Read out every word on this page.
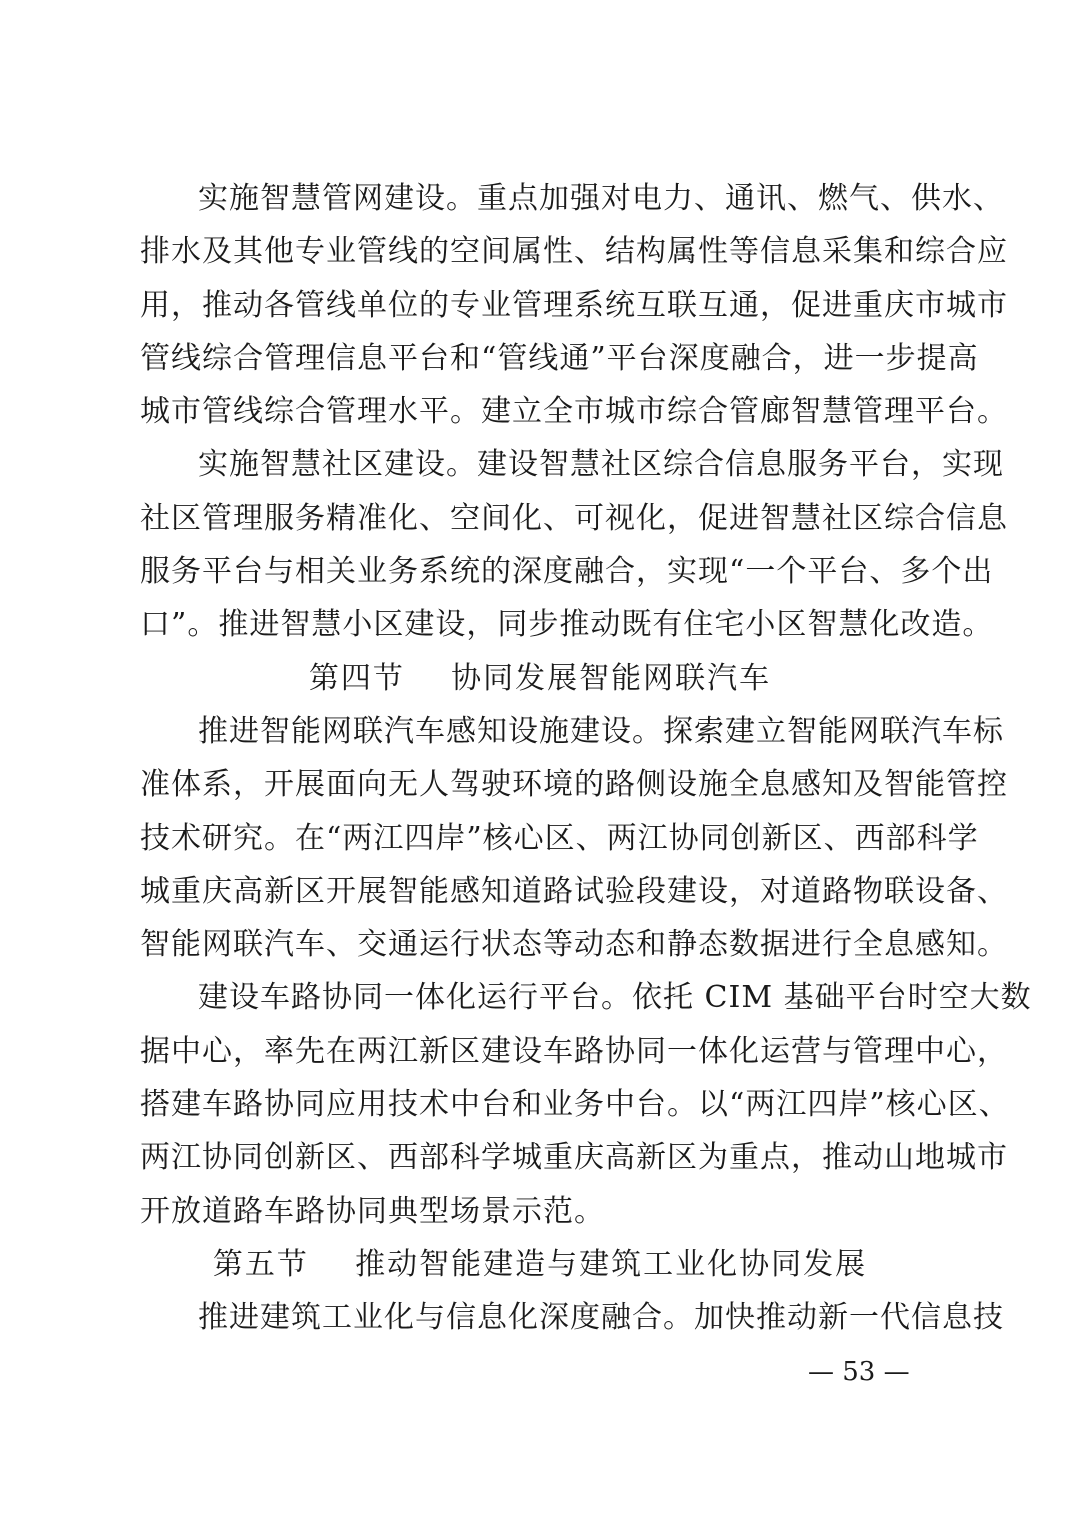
实施智慧管网建设。重点加强对电力、通讯、燃气、供水、
排水及其他专业管线的空间属性、结构属性等信息采集和综合应
用，推动各管线单位的专业管理系统互联互通，促进重庆市城市
管线综合管理信息平台和“管线通”平台深度融合，进一步提高
城市管线综合管理水平。建立全市城市综合管廊智慧管理平台。
实施智慧社区建设。建设智慧社区综合信息服务平台，实现
社区管理服务精准化、空间化、可视化，促进智慧社区综合信息
服务平台与相关业务系统的深度融合，实现“一个平台、多个出
口”。推进智慧小区建设，同步推动既有住宅小区智慧化改造。
第四节    协同发展智能网联汽车
推进智能网联汽车感知设施建设。探索建立智能网联汽车标
准体系，开展面向无人驾驶环境的路侧设施全息感知及智能管控
技术研究。在“两江四岸”核心区、两江协同创新区、西部科学
城重庆高新区开展智能感知道路试验段建设，对道路物联设备、
智能网联汽车、交通运行状态等动态和静态数据进行全息感知。
建设车路协同一体化运行平台。依托 CIM 基础平台时空大数
据中心，率先在两江新区建设车路协同一体化运营与管理中心，
搭建车路协同应用技术中台和业务中台。以“两江四岸”核心区、
两江协同创新区、西部科学城重庆高新区为重点，推动山地城市
开放道路车路协同典型场景示范。
第五节    推动智能建造与建筑工业化协同发展
推进建筑工业化与信息化深度融合。加快推动新一代信息技
— 53 —
